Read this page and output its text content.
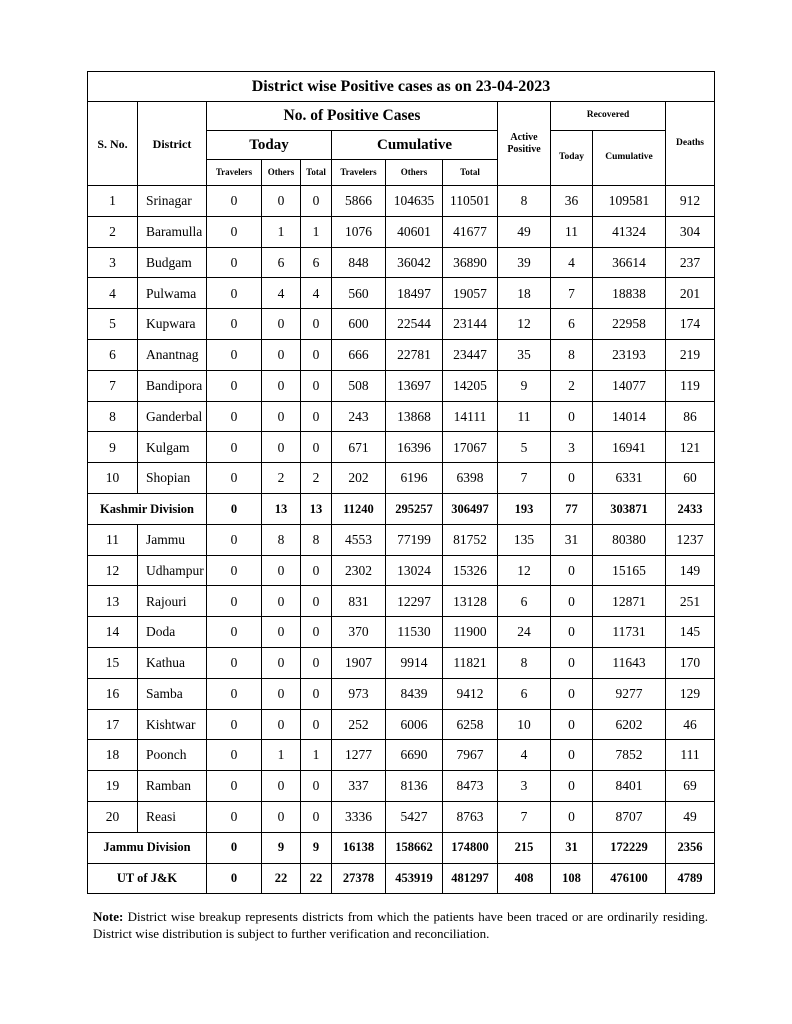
District wise Positive cases as on 23-04-2023											
S. No.	District	No. of Positive Cases						Active Positive	Recovered		Deaths
		Today			Cumulative				Today	Cumulative	
		Travelers	Others	Total	Travelers	Others	Total				
1	Srinagar	0	0	0	5866	104635	110501	8	36	109581	912
2	Baramulla	0	1	1	1076	40601	41677	49	11	41324	304
3	Budgam	0	6	6	848	36042	36890	39	4	36614	237
4	Pulwama	0	4	4	560	18497	19057	18	7	18838	201
5	Kupwara	0	0	0	600	22544	23144	12	6	22958	174
6	Anantnag	0	0	0	666	22781	23447	35	8	23193	219
7	Bandipora	0	0	0	508	13697	14205	9	2	14077	119
8	Ganderbal	0	0	0	243	13868	14111	11	0	14014	86
9	Kulgam	0	0	0	671	16396	17067	5	3	16941	121
10	Shopian	0	2	2	202	6196	6398	7	0	6331	60
Kashmir Division		0	13	13	11240	295257	306497	193	77	303871	2433
11	Jammu	0	8	8	4553	77199	81752	135	31	80380	1237
12	Udhampur	0	0	0	2302	13024	15326	12	0	15165	149
13	Rajouri	0	0	0	831	12297	13128	6	0	12871	251
14	Doda	0	0	0	370	11530	11900	24	0	11731	145
15	Kathua	0	0	0	1907	9914	11821	8	0	11643	170
16	Samba	0	0	0	973	8439	9412	6	0	9277	129
17	Kishtwar	0	0	0	252	6006	6258	10	0	6202	46
18	Poonch	0	1	1	1277	6690	7967	4	0	7852	111
19	Ramban	0	0	0	337	8136	8473	3	0	8401	69
20	Reasi	0	0	0	3336	5427	8763	7	0	8707	49
Jammu Division		0	9	9	16138	158662	174800	215	31	172229	2356
UT of J&K		0	22	22	27378	453919	481297	408	108	476100	4789
Note: District wise breakup represents districts from which the patients have been traced or are ordinarily residing. District wise distribution is subject to further verification and reconciliation.
